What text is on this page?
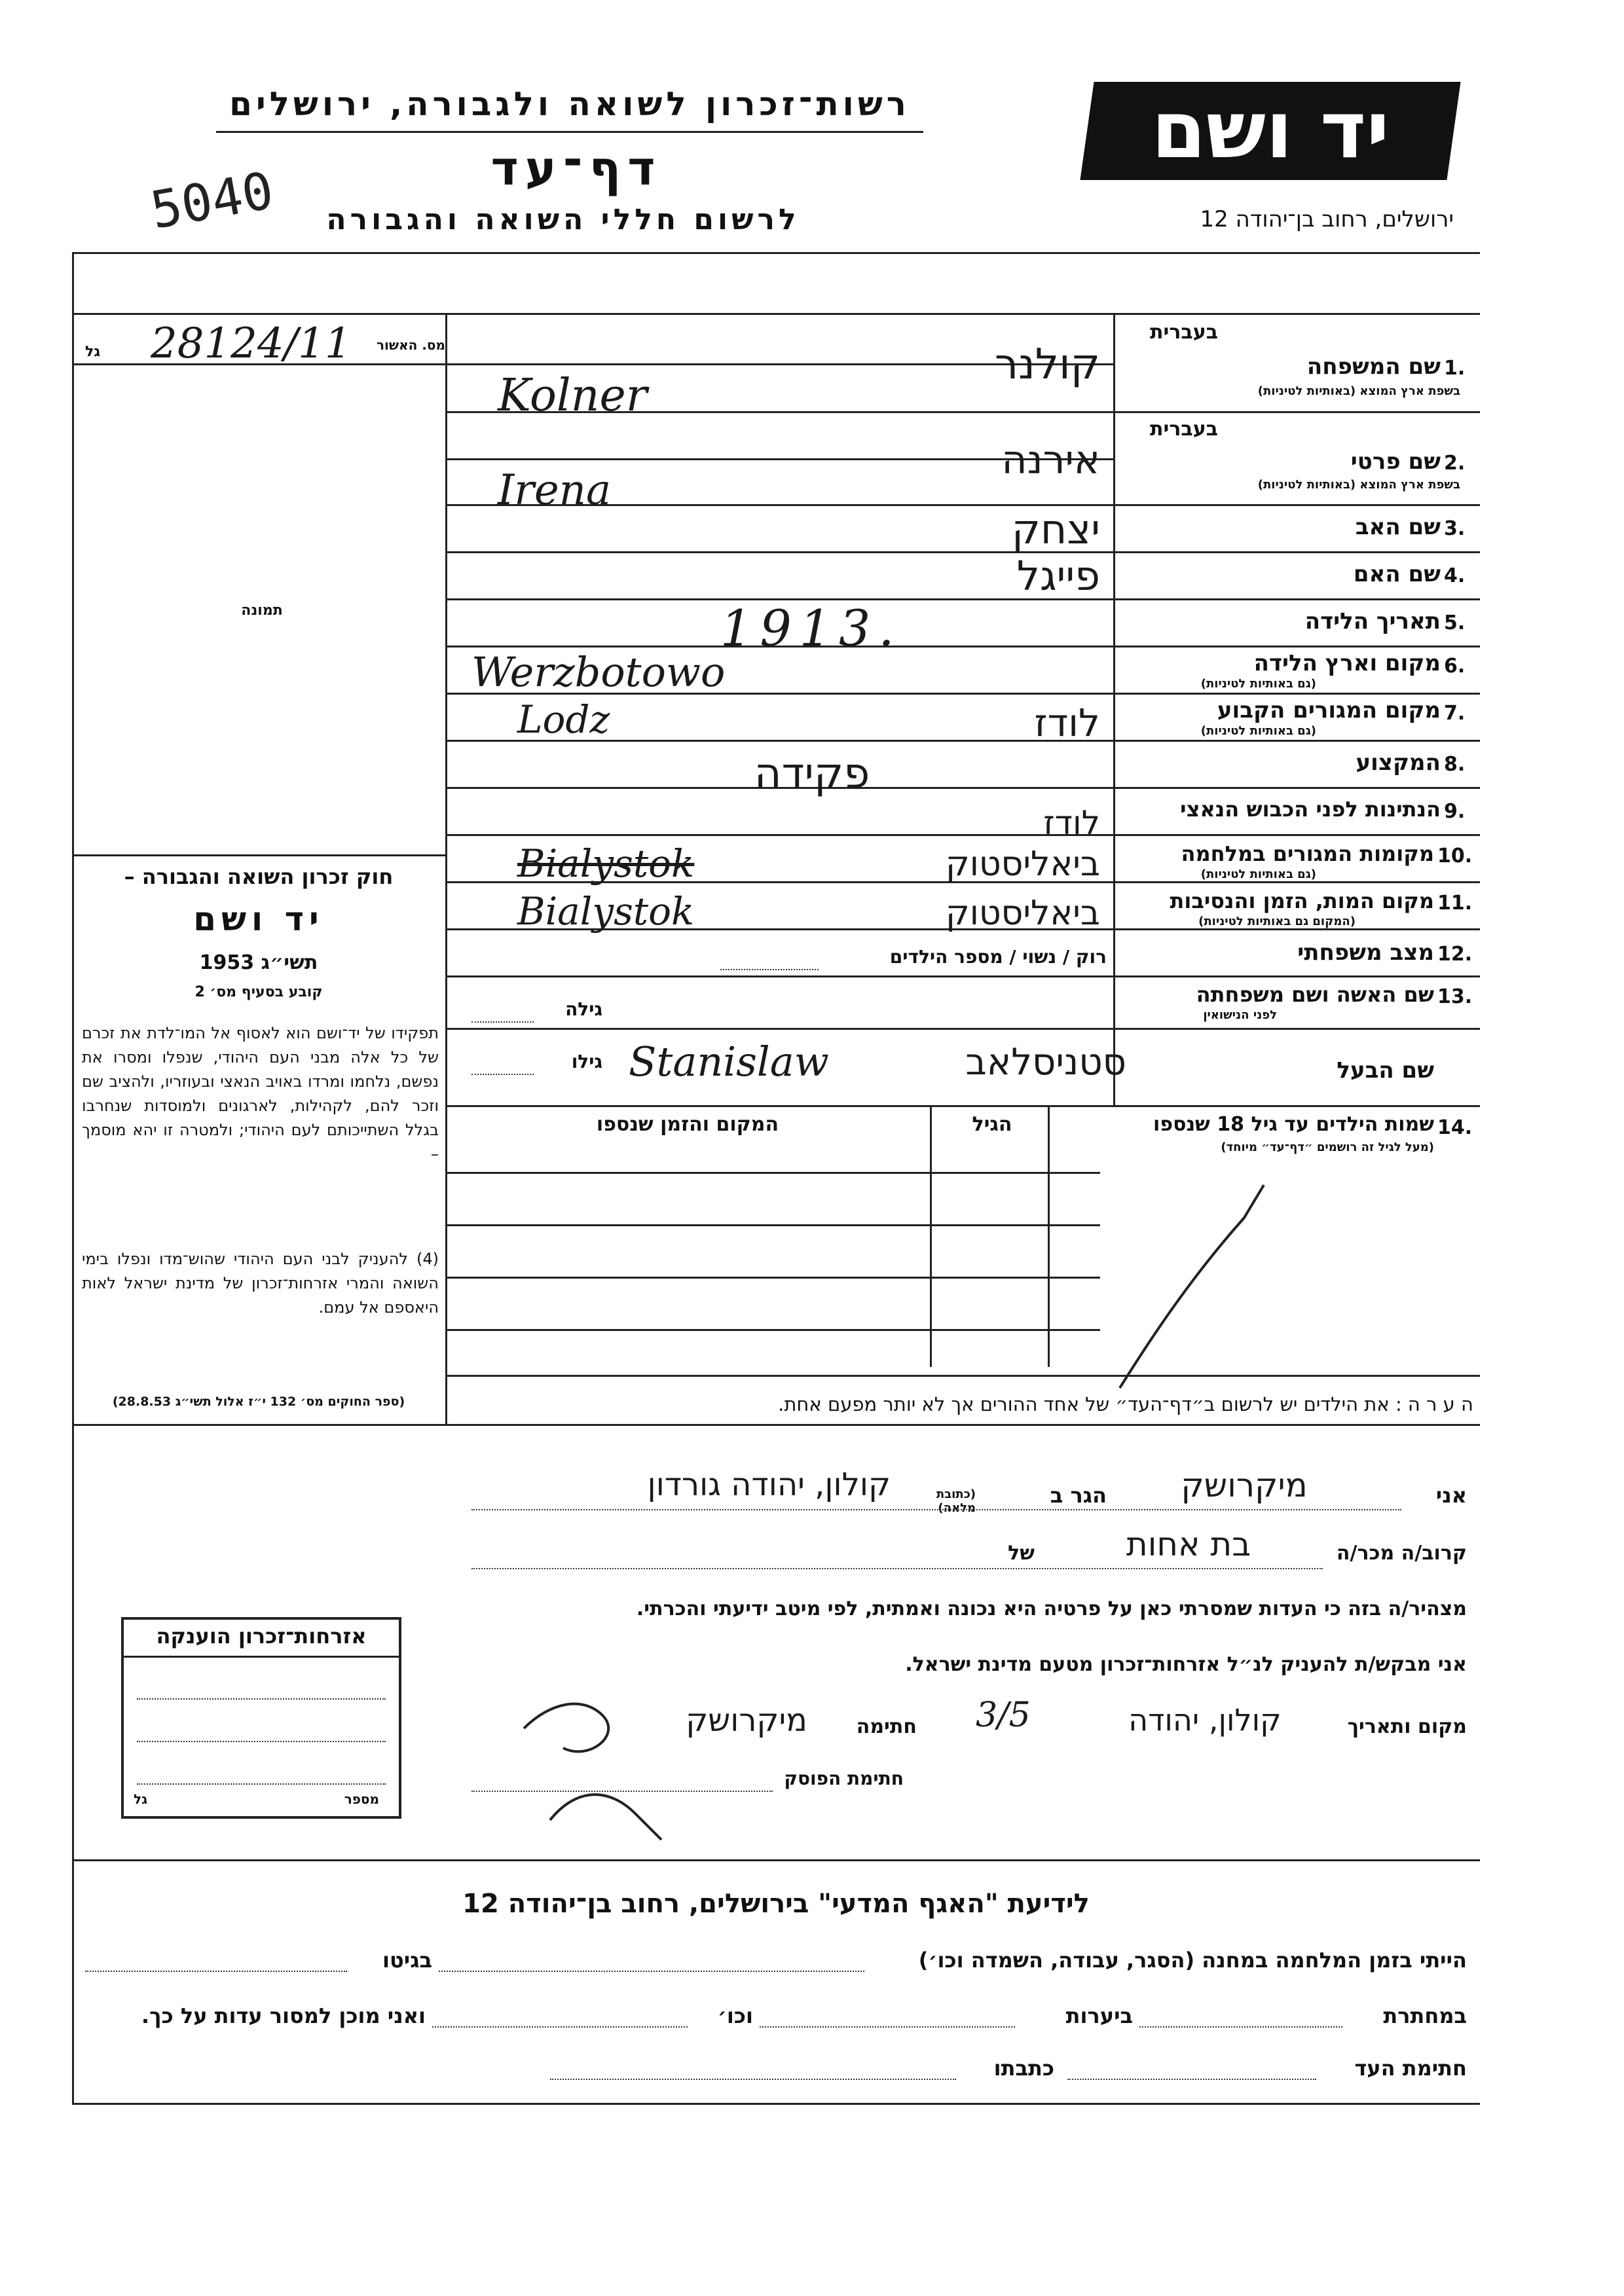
רשות־זכרון לשואה ולגבורה, ירושלים	יד ושם
דף־עד
לרשום חללי השואה והגבורה	ירושלים, רחוב בן־יהודה 12
5040
מס. האשור
28124/11
גל
תמונה
חוק זכרון השואה והגבורה –
יד ושם
תשי״ג 1953
קובע בסעיף מס׳ 2
תפקידו של יד־ושם הוא לאסוף אל המו־לדת את זכרם של כל אלה מבני העם היהודי, שנפלו ומסרו את נפשם, נלחמו ומרדו באויב הנאצי ובעוזריו, ולהציב שם וזכר להם, לקהילות, לארגונים ולמוסדות שנחרבו בגלל השתייכותם לעם היהודי; ולמטרה זו יהא מוסמך –
(4) להעניק לבני העם היהודי שהוש־מדו ונפלו בימי השואה והמרי אזרחות־זכרון של מדינת ישראל לאות היאספם אל עמם.
(ספר החוקים מס׳ 132 י״ז אלול תשי״ג 28.8.53)
בעברית
1.
שם המשפחה
בשפת ארץ המוצא (באותיות לטיניות)
קולנר
Kolner
בעברית
2.
שם פרטי
בשפת ארץ המוצא (באותיות לטיניות)
אירנה
Irena
3.
שם האב
יצחק
4.
שם האם
פייגל
5.
תאריך הלידה
1913.
6.
מקום וארץ הלידה
(גם באותיות לטיניות)
Werzbotowo
7.
מקום המגורים הקבוע
(גם באותיות לטיניות)
Lodz	לודז
8.
המקצוע
פקידה
9.
הנתינות לפני הכבוש הנאצי
לודז
10.
מקומות המגורים במלחמה
(גם באותיות לטיניות)
Bialystok	ביאליסטוק
11.
מקום המות, הזמן והנסיבות
(המקום גם באותיות לטיניות)
Bialystok	ביאליסטוק
12.
מצב משפחתי
רוק / נשוי / מספר הילדים
13.
שם האשה ושם משפחתה
לפני הנישואין
גילה
שם הבעל
גילו Stanislaw	סטניסלאב
14.
שמות הילדים עד גיל 18 שנספו
(מעל לגיל זה רושמים ״דף־עד״ מיוחד)
הגיל
המקום והזמן שנספו
ה ע ר ה : את הילדים יש לרשום ב״דף־העד״ של אחד ההורים אך לא יותר מפעם אחת.
אני
מיקרושק
הגר ב
(כתובת מלאה)
קולון, יהודה גורדון
קרוב/ה מכר/ה
בת אחות
של
מצהיר/ה בזה כי העדות שמסרתי כאן על פרטיה היא נכונה ואמתית, לפי מיטב ידיעתי והכרתי.
אני מבקש/ת להעניק לנ״ל אזרחות־זכרון מטעם מדינת ישראל.
מקום ותאריך
קולון, יהודה
3/5
חתימה
מיקרושק
חתימת הפוסק
אזרחות־זכרון הוענקה
מספר
גל
לידיעת "האגף המדעי" בירושלים, רחוב בן־יהודה 12
הייתי בזמן המלחמה במחנה (הסגר, עבודה, השמדה וכו׳)
בגיטו
במחתרת
ביערות
וכו׳
ואני מוכן למסור עדות על כך.
חתימת העד
כתבתו
